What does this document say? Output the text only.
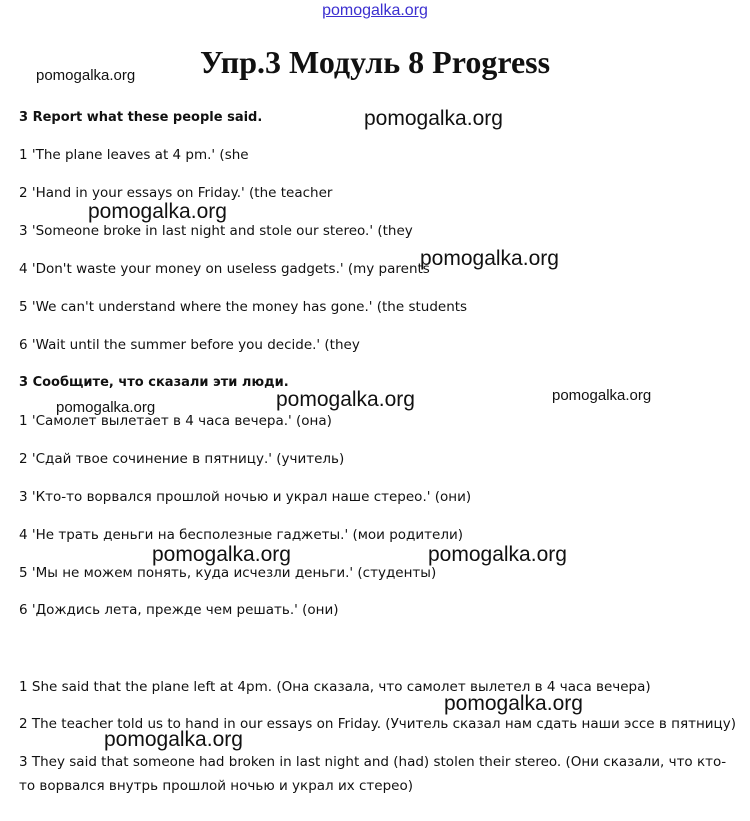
pomogalka.org
Упр.3 Модуль 8 Progress
3 Report what these people said.
1 'The plane leaves at 4 pm.' (she
2 'Hand in your essays on Friday.' (the teacher
3 'Someone broke in last night and stole our stereo.' (they
4 'Don't waste your money on useless gadgets.' (my parents
5 'We can't understand where the money has gone.' (the students
6 'Wait until the summer before you decide.' (they
3 Сообщите, что сказали эти люди.
1 'Самолет вылетает в 4 часа вечера.' (она)
2 'Сдай твое сочинение в пятницу.' (учитель)
3 'Кто-то ворвался прошлой ночью и украл наше стерео.' (они)
4 'Не трать деньги на бесполезные гаджеты.' (мои родители)
5 'Мы не можем понять, куда исчезли деньги.' (студенты)
6 'Дождись лета, прежде чем решать.' (они)
1 She said that the plane left at 4pm. (Она сказала, что самолет вылетел в 4 часа вечера)
2 The teacher told us to hand in our essays on Friday. (Учитель сказал нам сдать наши эссе в пятницу)
3 They said that someone had broken in last night and (had) stolen their stereo. (Они сказали, что кто-
то ворвался внутрь прошлой ночью и украл их стерео)
pomogalka.org
pomogalka.org
pomogalka.org
pomogalka.org
pomogalka.org
pomogalka.org
pomogalka.org
pomogalka.org	pomogalka.org
pomogalka.org
pomogalka.org
